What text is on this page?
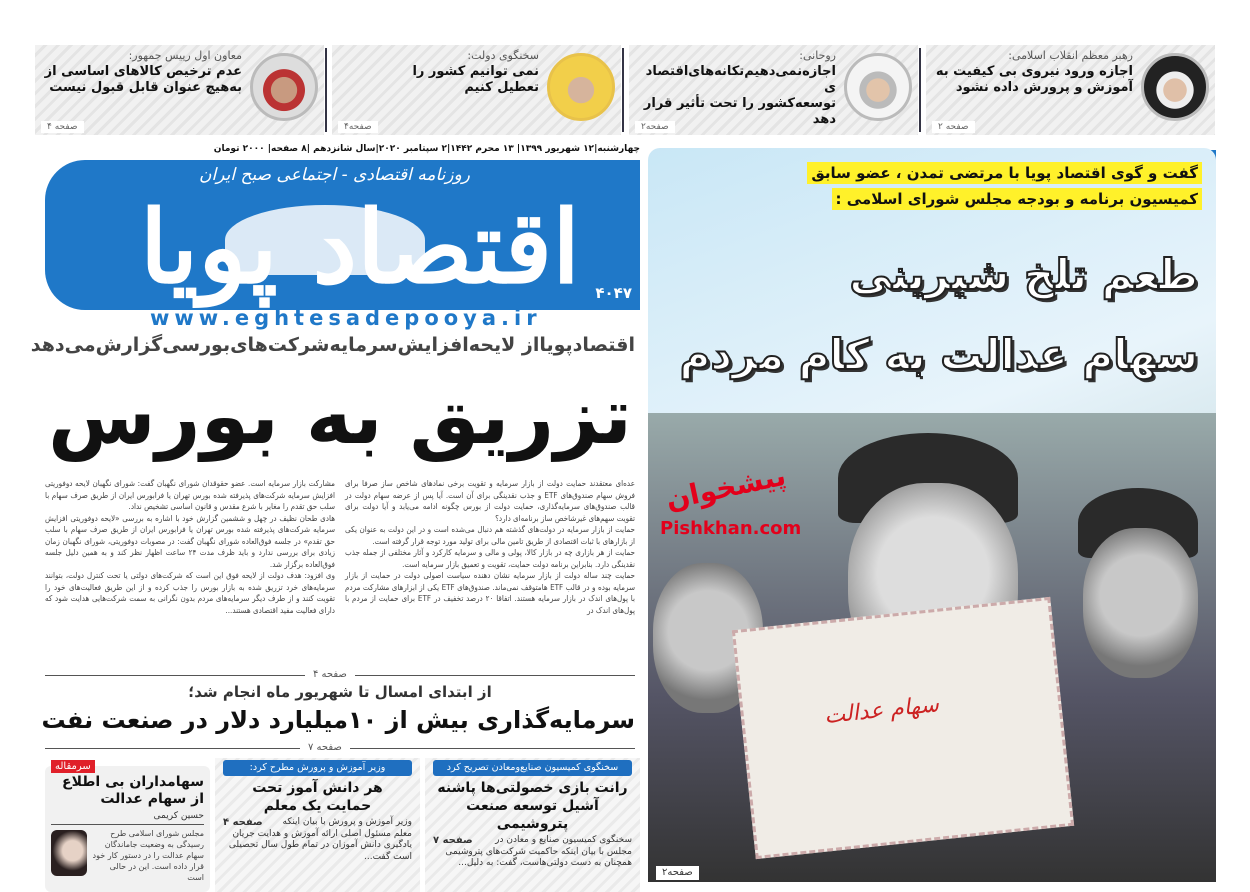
رهبر معظم انقلاب اسلامی:
اجازه ورود نیروی بی کیفیت به
آموزش و پرورش داده نشود
صفحه ۲
روحانی:
اجازه‌نمی‌دهیم‌تکانه‌های‌اقتصادی
توسعه‌کشور را تحت تأثیر قرار دهد
صفحه۲
سخنگوی دولت:
نمی توانیم کشور را
تعطیل کنیم
صفحه۴
معاون اول رییس جمهور:
عدم ترخیص کالاهای اساسی از
به‌هیچ عنوان قابل قبول نیست
صفحه ۴
چهارشنبه|۱۲ شهریور ۱۳۹۹| ۱۳ محرم ۱۴۴۲|۲ سپتامبر ۲۰۲۰|سال شانزدهم |۸ صفحه| ۲۰۰۰ تومان
روزنامه اقتصادی - اجتماعی صبح ایران
اقتصاد پویا ۴۰۴۷
www.eghtesadepooya.ir
اقتصادپویااز لایحه‌افزایش‌سرمایه‌شرکت‌های‌بورسی‌گزارش‌می‌دهد
تزریق به بورس

عده‌ای معتقدند حمایت دولت از بازار سرمایه و تقویت برخی نمادهای شاخص ساز صرفا برای فروش سهام صندوق‌های ETF و جذب نقدینگی برای آن است. آیا پس از عرضه سهام دولت در قالب صندوق‌های سرمایه‌گذاری، حمایت دولت از بورس چگونه ادامه می‌یابد و آیا دولت برای تقویت سهم‌های غیرشاخص ساز برنامه‌ای دارد؟

حمایت از بازار سرمایه در دولت‌های گذشته هم دنبال می‌شده است و در این دولت به عنوان یکی از بازارهای با ثبات اقتصادی از طریق تامین مالی برای تولید مورد توجه قرار گرفته است.

حمایت از هر بازاری چه در بازار کالا، پولی و مالی و سرمایه کارکرد و آثار مختلفی از جمله جذب نقدینگی دارد. بنابراین برنامه دولت حمایت، تقویت و تعمیق بازار سرمایه است.

حمایت چند ساله دولت از بازار سرمایه نشان دهنده سیاست اصولی دولت در حمایت از بازار سرمایه بوده و در قالب ETF هامتوقف نمی‌ماند. صندوق‌های ETF یکی از ابزارهای مشارکت مردم با پول‌های اندک در بازار سرمایه هستند. اتفاقا ۲۰ درصد تخفیف در ETF برای حمایت از مردم با پول‌های اندک در

مشارکت بازار سرمایه است. عضو حقوقدان شورای نگهبان گفت: شورای نگهبان لایحه دوفوریتی افزایش سرمایه شرکت‌های پذیرفته شده بورس تهران یا فرابورس ایران از طریق صرف سهام با سلب حق تقدم را مغایر با شرع مقدس و قانون اساسی تشخیص نداد.

هادی طحان نظیف در چهل و ششمین گزارش خود با اشاره به بررسی «لایحه دوفوریتی افزایش سرمایه شرکت‌های پذیرفته شده بورس تهران یا فرابورس ایران از طریق صرف سهام با سلب حق تقدم» در جلسه فوق‌العاده شورای نگهبان گفت: در مصوبات دوفوریتی، شورای نگهبان زمان زیادی برای بررسی ندارد و باید ظرف مدت ۲۴ ساعت اظهار نظر کند و به همین دلیل جلسه فوق‌العاده برگزار شد.

وی افزود: هدف دولت از لایحه فوق این است که شرکت‌های دولتی یا تحت کنترل دولت، بتوانند سرمایه‌های خرد تزریق شده به بازار بورس را جذب کرده و از این طریق فعالیت‌های خود را تقویت کنند و از طرف دیگر سرمایه‌های مردم بدون نگرانی به سمت شرکت‌هایی هدایت شود که دارای فعالیت مفید اقتصادی هستند...

صفحه ۴
از ابتدای امسال تا شهریور ماه انجام شد؛
سرمایه‌گذاری بیش از ۱۰میلیارد دلار در صنعت نفت
صفحه ۷
سخنگوی کمیسیون صنایع‌ومعادن تصریح کرد
رانت بازی خصولتی‌ها پاشنه آشیل توسعه صنعت پتروشیمی
صفحه ۷ سخنگوی کمیسیون صنایع و معادن در مجلس با بیان اینکه حاکمیت شرکت‌های پتروشیمی همچنان به دست دولتی‌هاست، گفت: به دلیل...
وزیر آموزش و پرورش مطرح کرد:
هر دانش آموز تحت حمایت یک معلم
صفحه ۴ وزیر آموزش و پرورش با بیان اینکه معلم مسئول اصلی ارائه آموزش و هدایت جریان یادگیری دانش آموزان در تمام طول سال تحصیلی است گفت...
سرمقاله
سهامداران بی اطلاع از سهام عدالت
حسین کریمی
مجلس شورای اسلامی طرح رسیدگی به وضعیت جاماندگان سهام عدالت را در دستور کار خود قرار داده است. این در حالی است
گفت و گوی اقتصاد پویا با مرتضی تمدن ، عضو سابق
کمیسیون برنامه و بودجه مجلس شورای اسلامی :
طعم تلخ شیرینی
سهام عدالت به کام مردم
سهام عدالت
صفحه۲
پیشخوان
Pishkhan.com
